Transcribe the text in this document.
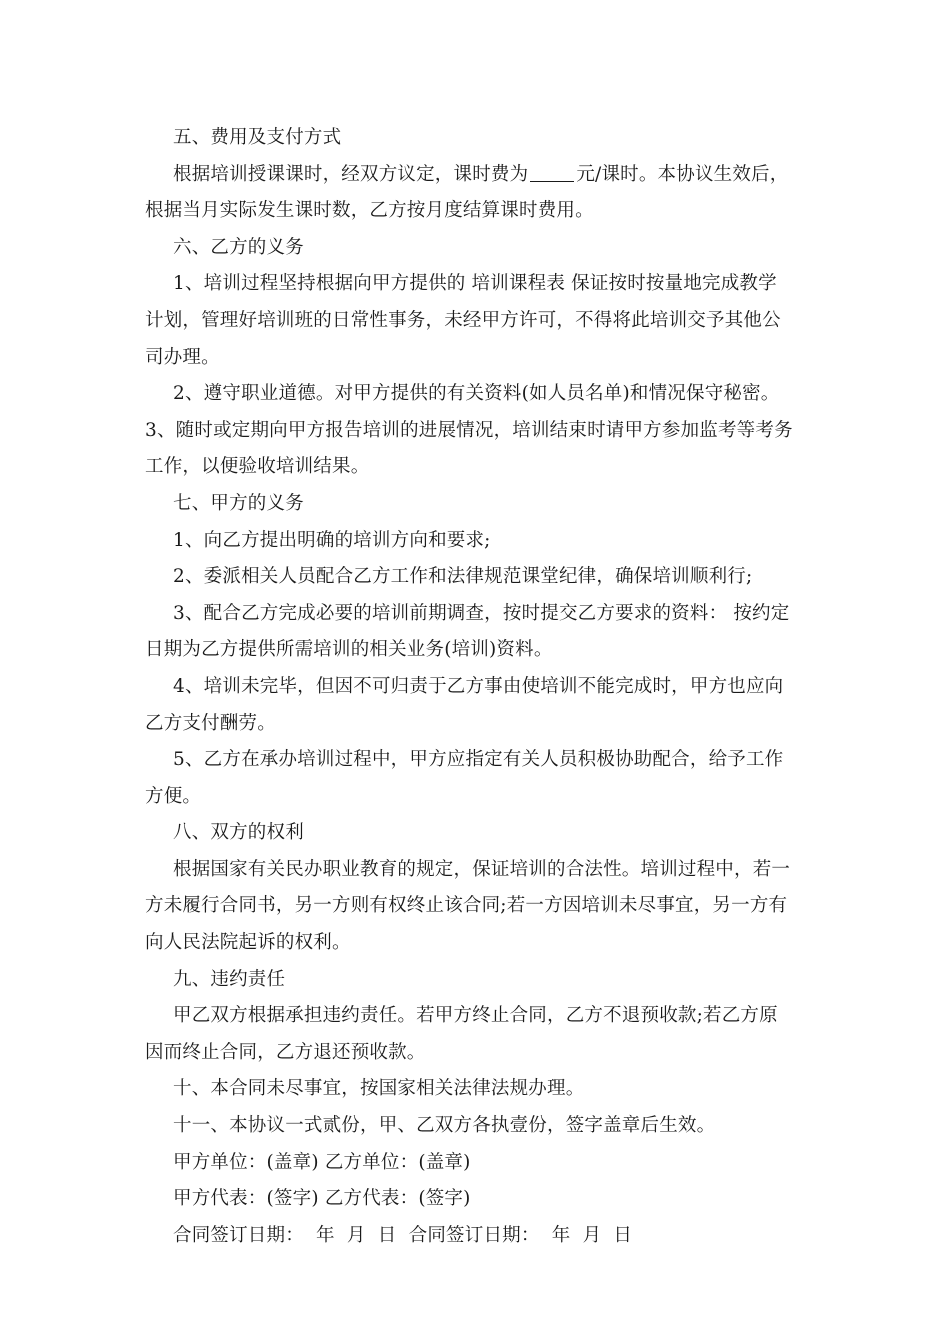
五、费用及支付方式
根据培训授课课时，经双方议定，课时费为	元/课时。本协议生效后，
根据当月实际发生课时数，乙方按月度结算课时费用。
六、乙方的义务
1、培训过程坚持根据向甲方提供的 培训课程表 保证按时按量地完成教学
计划，管理好培训班的日常性事务，未经甲方许可，不得将此培训交予其他公
司办理。
2、遵守职业道德。对甲方提供的有关资料(如人员名单)和情况保守秘密。
3、随时或定期向甲方报告培训的进展情况，培训结束时请甲方参加监考等考务
工作，以便验收培训结果。
七、甲方的义务
1、向乙方提出明确的培训方向和要求;
2、委派相关人员配合乙方工作和法律规范课堂纪律，确保培训顺利行;
3、配合乙方完成必要的培训前期调查，按时提交乙方要求的资料： 按约定
日期为乙方提供所需培训的相关业务(培训)资料。
4、培训未完毕，但因不可归责于乙方事由使培训不能完成时，甲方也应向
乙方支付酬劳。
5、乙方在承办培训过程中，甲方应指定有关人员积极协助配合，给予工作
方便。
八、双方的权利
根据国家有关民办职业教育的规定，保证培训的合法性。培训过程中，若一
方未履行合同书，另一方则有权终止该合同;若一方因培训未尽事宜，另一方有
向人民法院起诉的权利。
九、违约责任
甲乙双方根据承担违约责任。若甲方终止合同，乙方不退预收款;若乙方原
因而终止合同，乙方退还预收款。
十、本合同未尽事宜，按国家相关法律法规办理。
十一、本协议一式贰份，甲、乙双方各执壹份，签字盖章后生效。
甲方单位：(盖章) 乙方单位：(盖章)
甲方代表：(签字) 乙方代表：(签字)
合同签订日期：  年  月  日  合同签订日期：  年  月  日
